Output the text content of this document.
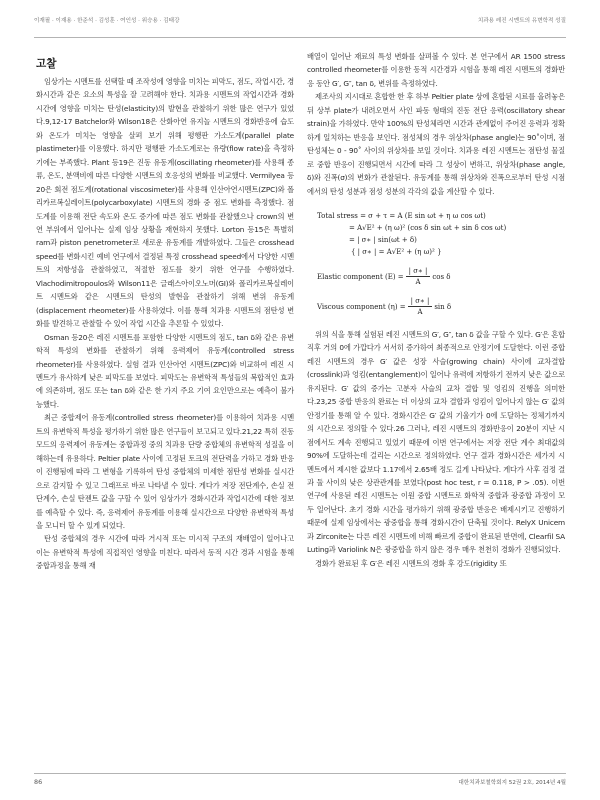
이재필 · 이재용 · 한준석 · 김성훈 · 여인성 · 위승용 · 김태강	치과용 레진 시멘트의 유변학적 성질
고찰

임상가는 시멘트를 선택할 때 조작성에 영향을 미치는 피막도, 점도, 작업시간, 경화시간과 같은 요소의 특성을 잘 고려해야 한다. 치과용 시멘트의 작업시간과 경화시간에 영향을 미치는 탄성(elasticity)의 발현을 관찰하기 위한 많은 연구가 있었다.9,12-17 Batchelor와 Wilson18은 산화아연 유지놀 시멘트의 경화반응에 습도와 온도가 미치는 영향을 살펴 보기 위해 평행판 가소도계(parallel plate plastimeter)를 이용했다. 하지만 평행판 가소도계로는 유량(flow rate)을 측정하기에는 부족했다. Plant 등19은 진동 유동계(oscillating rheometer)를 사용해 종류, 온도, 분액비에 따른 다양한 시멘트의 호응성의 변화를 비교했다. Vermilyea 등20은 회전 점도계(rotational viscosimeter)를 사용해 인산아연시멘트(ZPC)와 폴리카르복실레이트(polycarboxylate) 시멘트의 경화 중 점도 변화를 측정했다. 점도계를 이용해 전단 속도와 온도 증가에 따른 점도 변화를 관찰했으나 crown의 변연 부위에서 일어나는 실제 임상 상황을 재현하지 못했다. Lorton 등15은 특별히 ram과 piston penetrometer로 새로운 유동계를 개발하였다. 그들은 crosshead speed를 변화시킨 예비 연구에서 결정된 특정 crosshead speed에서 다양한 시멘트의 저항성을 관찰하였고, 적절한 점도를 찾기 위한 연구를 수행하였다. Vlachodimitropoulos와 Wilson11은 글래스아이오노머(GI)와 폴리카르복실레이트 시멘트와 같은 시멘트의 탄성의 발현을 관찰하기 위해 변위 유동계(displacement rheometer)를 사용하였다. 이를 통해 치과용 시멘트의 점탄성 변화를 발견하고 관찰할 수 있어 작업 시간을 추론할 수 있었다.

Osman 등20은 레진 시멘트를 포함한 다양한 시멘트의 점도, tan δ와 같은 유변학적 특성의 변화를 관찰하기 위해 응력제어 유동계(controlled stress rheometer)를 사용하였다. 실험 결과 인산아연 시멘트(ZPC)와 비교하여 레진 시멘트가 유사하게 낮은 피막도를 보였다. 피막도는 유변학적 특성들의 복합적인 효과에 의존하며, 점도 또는 tan δ와 같은 한 가지 주요 기여 요인만으로는 예측이 불가능했다.

최근 중합제어 유동계(controlled stress rheometer)를 이용하여 치과용 시멘트의 유변학적 특성을 평가하기 위한 많은 연구들이 보고되고 있다.21,22 특히 진동모드의 응력제어 유동계는 중합과정 중의 치과용 단량 중합체의 유변학적 성질을 이해하는데 유용하다. Peltier plate 사이에 고정된 토크의 전단력을 가하고 경화 반응이 진행됨에 따라 그 변형을 기록하여 탄성 중합체의 미세한 점탄성 변화를 실시간으로 감지할 수 있고 그래프로 바로 나타낼 수 있다. 게다가 저장 전단계수, 손실 전단계수, 손실 탄젠트 값을 구할 수 있어 임상가가 경화시간과 작업시간에 대한 정보를 예측할 수 있다. 즉, 응력제어 유동계를 이용해 실시간으로 다양한 유변학적 특성을 모니터 할 수 있게 되었다.

탄성 중합체의 경우 시간에 따라 거시적 또는 미시적 구조의 재배열이 일어나고 이는 유변학적 특성에 직접적인 영향을 미친다. 따라서 동적 시간 경과 시험을 통해 중합과정을 통해 재

배열이 일어난 재료의 특성 변화를 살펴볼 수 있다. 본 연구에서 AR 1500 stress controlled rheometer를 이용한 동적 시간경과 시험을 통해 레진 시멘트의 경화반응 동안 G′, G″, tan δ, 변위를 측정하였다.

제조사의 지시대로 혼합한 한 후 하부 Peltier plate 상에 혼합된 시료를 올려놓은 뒤 상부 plate가 내려오면서 사인 파동 형태의 진동 전단 응력(oscillatory shear strain)을 가하였다. 만약 100%의 탄성체라면 시간과 관계없이 주어진 응력과 정확하게 일치하는 반응을 보인다. 점성체의 경우 위상차(phase angle)는 90˚이며, 점탄성체는 0 - 90˚ 사이의 위상차를 보일 것이다. 치과용 레진 시멘트는 점탄성 물질로 중합 반응이 진행되면서 시간에 따라 그 성상이 변하고, 위상차(phase angle, δ)와 진폭(σ)의 변화가 관찰된다. 유동계를 통해 위상차와 진폭으로부터 탄성 시점에서의 탄성 성분과 점성 성분의 각각의 값을 계산할 수 있다.

Total stress = σ + τ = A (E sin ωt + η ω cos ωt)
= A√E² + (η ω)² (cos δ sin ωt + sin δ cos ωt)
= | σ∗ | sin(ωt + δ)
{ | σ∗ | = A√E² + (η ω)² }
Elastic component $(E) = \frac{| \sigma∗ |}{A}$ cos δ
Viscous component $(\eta) = \frac{| \sigma∗ |}{A}$ sin δ

위의 식을 통해 실험된 레진 시멘트의 G′, G″, tan δ 값을 구할 수 있다. G′은 혼합 직후 거의 0에 가깝다가 서서히 증가하여 최종적으로 안정기에 도달한다. 이런 증합 레진 시멘트의 경우 G′ 값은 성장 사슬(growing chain) 사이에 교차결합(crosslink)과 엉킴(entanglement)이 일어나 유력에 저항하기 전까지 낮은 값으로 유지된다. G′ 값의 증가는 고분자 사슬의 교차 결합 및 엉킴의 진행을 의미한다.23,25 중합 반응의 완료는 더 이상의 교차 결합과 엉킴이 일어나지 않는 G′ 값의 안정기를 통해 알 수 있다. 경화시간은 G′ 값의 기울기가 0에 도달하는 정체기까지의 시간으로 정의할 수 있다.26 그러나, 레진 시멘트의 경화반응이 20분이 지난 시점에서도 계속 진행되고 있었기 때문에 이번 연구에서는 저장 전단 계수 최대값의 90%에 도달하는데 걸리는 시간으로 정의하였다. 연구 결과 경화시간은 세가지 시멘트에서 제시한 값보다 1.17에서 2.65배 정도 길게 나타났다. 게다가 사후 검정 결과 둘 사이의 낮은 상관관계를 보였다(post hoc test, r = 0.118, P > .05). 이번 연구에 사용된 레진 시멘트는 이원 중합 시멘트로 화학적 중합과 광중합 과정이 모두 일어난다. 초기 경화 시간을 평가하기 위해 광중합 반응은 배제시키고 진행하기 때문에 실제 임상에서는 광중합을 통해 경화시간이 단축될 것이다. RelyX Unicem과 Zirconite는 다른 레진 시멘트에 비해 빠르게 중합이 완료된 반면에, Clearfil SA Luting과 Variolink N은 광중합을 하지 않은 경우 매우 천천히 경화가 진행되었다.

경화가 완료된 후 G′은 레진 시멘트의 경화 후 강도(rigidity 또

86	대한치과보철학회지 52권 2호, 2014년 4월
